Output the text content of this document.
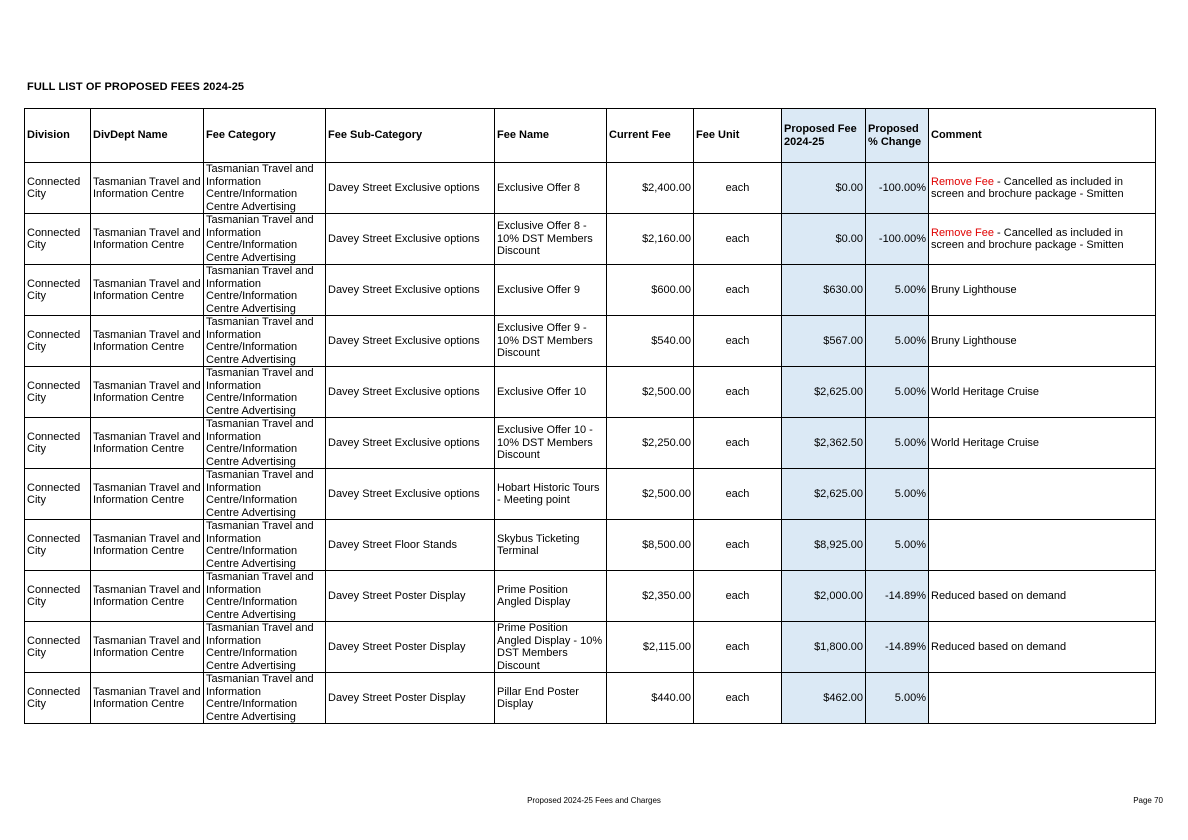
FULL LIST OF PROPOSED FEES 2024-25
Division	DivDept Name	Fee Category	Fee Sub-Category	Fee Name	Current Fee	Fee Unit	Proposed Fee 2024-25	Proposed % Change	Comment
Connected City	Tasmanian Travel and Information Centre	Tasmanian Travel and Information Centre/Information Centre Advertising	Davey Street Exclusive options	Exclusive Offer 8	$2,400.00	each	$0.00	-100.00%	Remove Fee - Cancelled as included in screen and brochure package - Smitten
Connected City	Tasmanian Travel and Information Centre	Tasmanian Travel and Information Centre/Information Centre Advertising	Davey Street Exclusive options	Exclusive Offer 8 - 10% DST Members Discount	$2,160.00	each	$0.00	-100.00%	Remove Fee - Cancelled as included in screen and brochure package - Smitten
Connected City	Tasmanian Travel and Information Centre	Tasmanian Travel and Information Centre/Information Centre Advertising	Davey Street Exclusive options	Exclusive Offer 9	$600.00	each	$630.00	5.00%	Bruny Lighthouse
Connected City	Tasmanian Travel and Information Centre	Tasmanian Travel and Information Centre/Information Centre Advertising	Davey Street Exclusive options	Exclusive Offer 9 - 10% DST Members Discount	$540.00	each	$567.00	5.00%	Bruny Lighthouse
Connected City	Tasmanian Travel and Information Centre	Tasmanian Travel and Information Centre/Information Centre Advertising	Davey Street Exclusive options	Exclusive Offer 10	$2,500.00	each	$2,625.00	5.00%	World Heritage Cruise
Connected City	Tasmanian Travel and Information Centre	Tasmanian Travel and Information Centre/Information Centre Advertising	Davey Street Exclusive options	Exclusive Offer 10 - 10% DST Members Discount	$2,250.00	each	$2,362.50	5.00%	World Heritage Cruise
Connected City	Tasmanian Travel and Information Centre	Tasmanian Travel and Information Centre/Information Centre Advertising	Davey Street Exclusive options	Hobart Historic Tours - Meeting point	$2,500.00	each	$2,625.00	5.00%	
Connected City	Tasmanian Travel and Information Centre	Tasmanian Travel and Information Centre/Information Centre Advertising	Davey Street Floor Stands	Skybus Ticketing Terminal	$8,500.00	each	$8,925.00	5.00%	
Connected City	Tasmanian Travel and Information Centre	Tasmanian Travel and Information Centre/Information Centre Advertising	Davey Street Poster Display	Prime Position Angled Display	$2,350.00	each	$2,000.00	-14.89%	Reduced based on demand
Connected City	Tasmanian Travel and Information Centre	Tasmanian Travel and Information Centre/Information Centre Advertising	Davey Street Poster Display	Prime Position Angled Display - 10% DST Members Discount	$2,115.00	each	$1,800.00	-14.89%	Reduced based on demand
Connected City	Tasmanian Travel and Information Centre	Tasmanian Travel and Information Centre/Information Centre Advertising	Davey Street Poster Display	Pillar End Poster Display	$440.00	each	$462.00	5.00%	
Proposed 2024-25 Fees and Charges	Page 70
